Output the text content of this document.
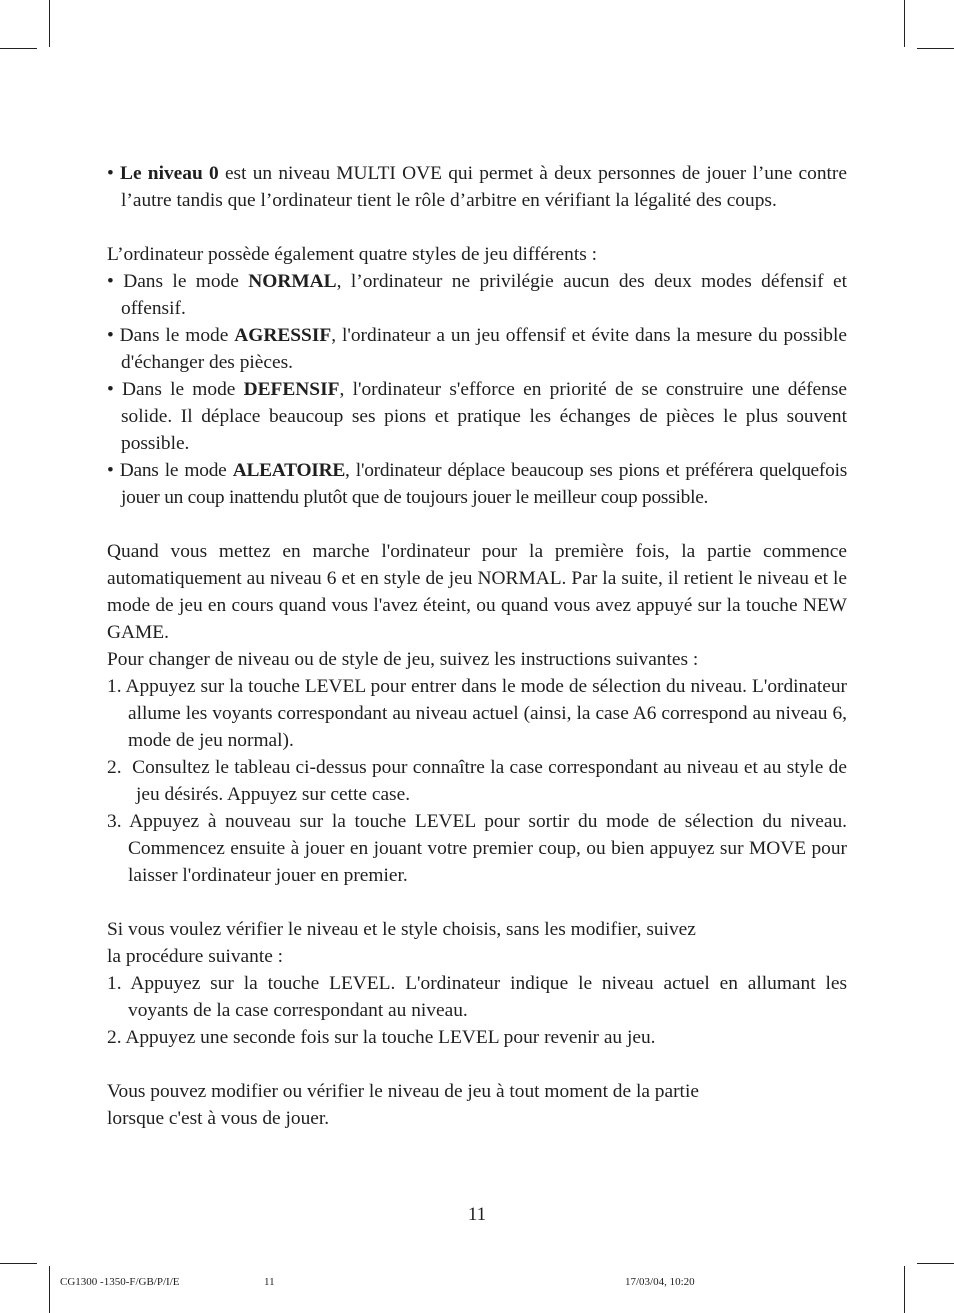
• Le niveau 0 est un niveau MULTI OVE qui permet à deux personnes de jouer l’une contre l’autre tandis que l’ordinateur tient le rôle d’arbitre en vérifiant la légalité des coups.

L’ordinateur possède également quatre styles de jeu différents :

• Dans le mode NORMAL, l’ordinateur ne privilégie aucun des deux modes défensif et offensif.

• Dans le mode AGRESSIF, l'ordinateur a un jeu offensif et évite dans la mesure du possible d'échanger des pièces.

• Dans le mode DEFENSIF, l'ordinateur s'efforce en priorité de se construire une défense solide. Il déplace beaucoup ses pions et pratique les échanges de pièces le plus souvent possible.

• Dans le mode ALEATOIRE, l'ordinateur déplace beaucoup ses pions et préférera quelquefois jouer un coup inattendu plutôt que de toujours jouer le meilleur coup possible.

Quand vous mettez en marche l'ordinateur pour la première fois, la partie commence automatiquement au niveau 6 et en style de jeu NORMAL. Par la suite, il retient le niveau et le mode de jeu en cours quand vous l'avez éteint, ou quand vous avez appuyé sur la touche NEW GAME.

Pour changer de niveau ou de style de jeu, suivez les instructions suivantes :

1. Appuyez sur la touche LEVEL pour entrer dans le mode de sélection du niveau. L'ordinateur allume les voyants correspondant au niveau actuel (ainsi, la case A6 correspond au niveau 6, mode de jeu normal).

2. Consultez le tableau ci-dessus pour connaître la case correspondant au niveau et au style de jeu désirés. Appuyez sur cette case.

3. Appuyez à nouveau sur la touche LEVEL pour sortir du mode de sélection du niveau. Commencez ensuite à jouer en jouant votre premier coup, ou bien appuyez sur MOVE pour laisser l'ordinateur jouer en premier.

Si vous voulez vérifier le niveau et le style choisis, sans les modifier, suivez

la procédure suivante :

1. Appuyez sur la touche LEVEL. L'ordinateur indique le niveau actuel en allumant les voyants de la case correspondant au niveau.

2. Appuyez une seconde fois sur la touche LEVEL pour revenir au jeu.

Vous pouvez modifier ou vérifier le niveau de jeu à tout moment de la partie

lorsque c'est à vous de jouer.

11
CG1300 -1350-F/GB/P/I/E	11	17/03/04, 10:20
